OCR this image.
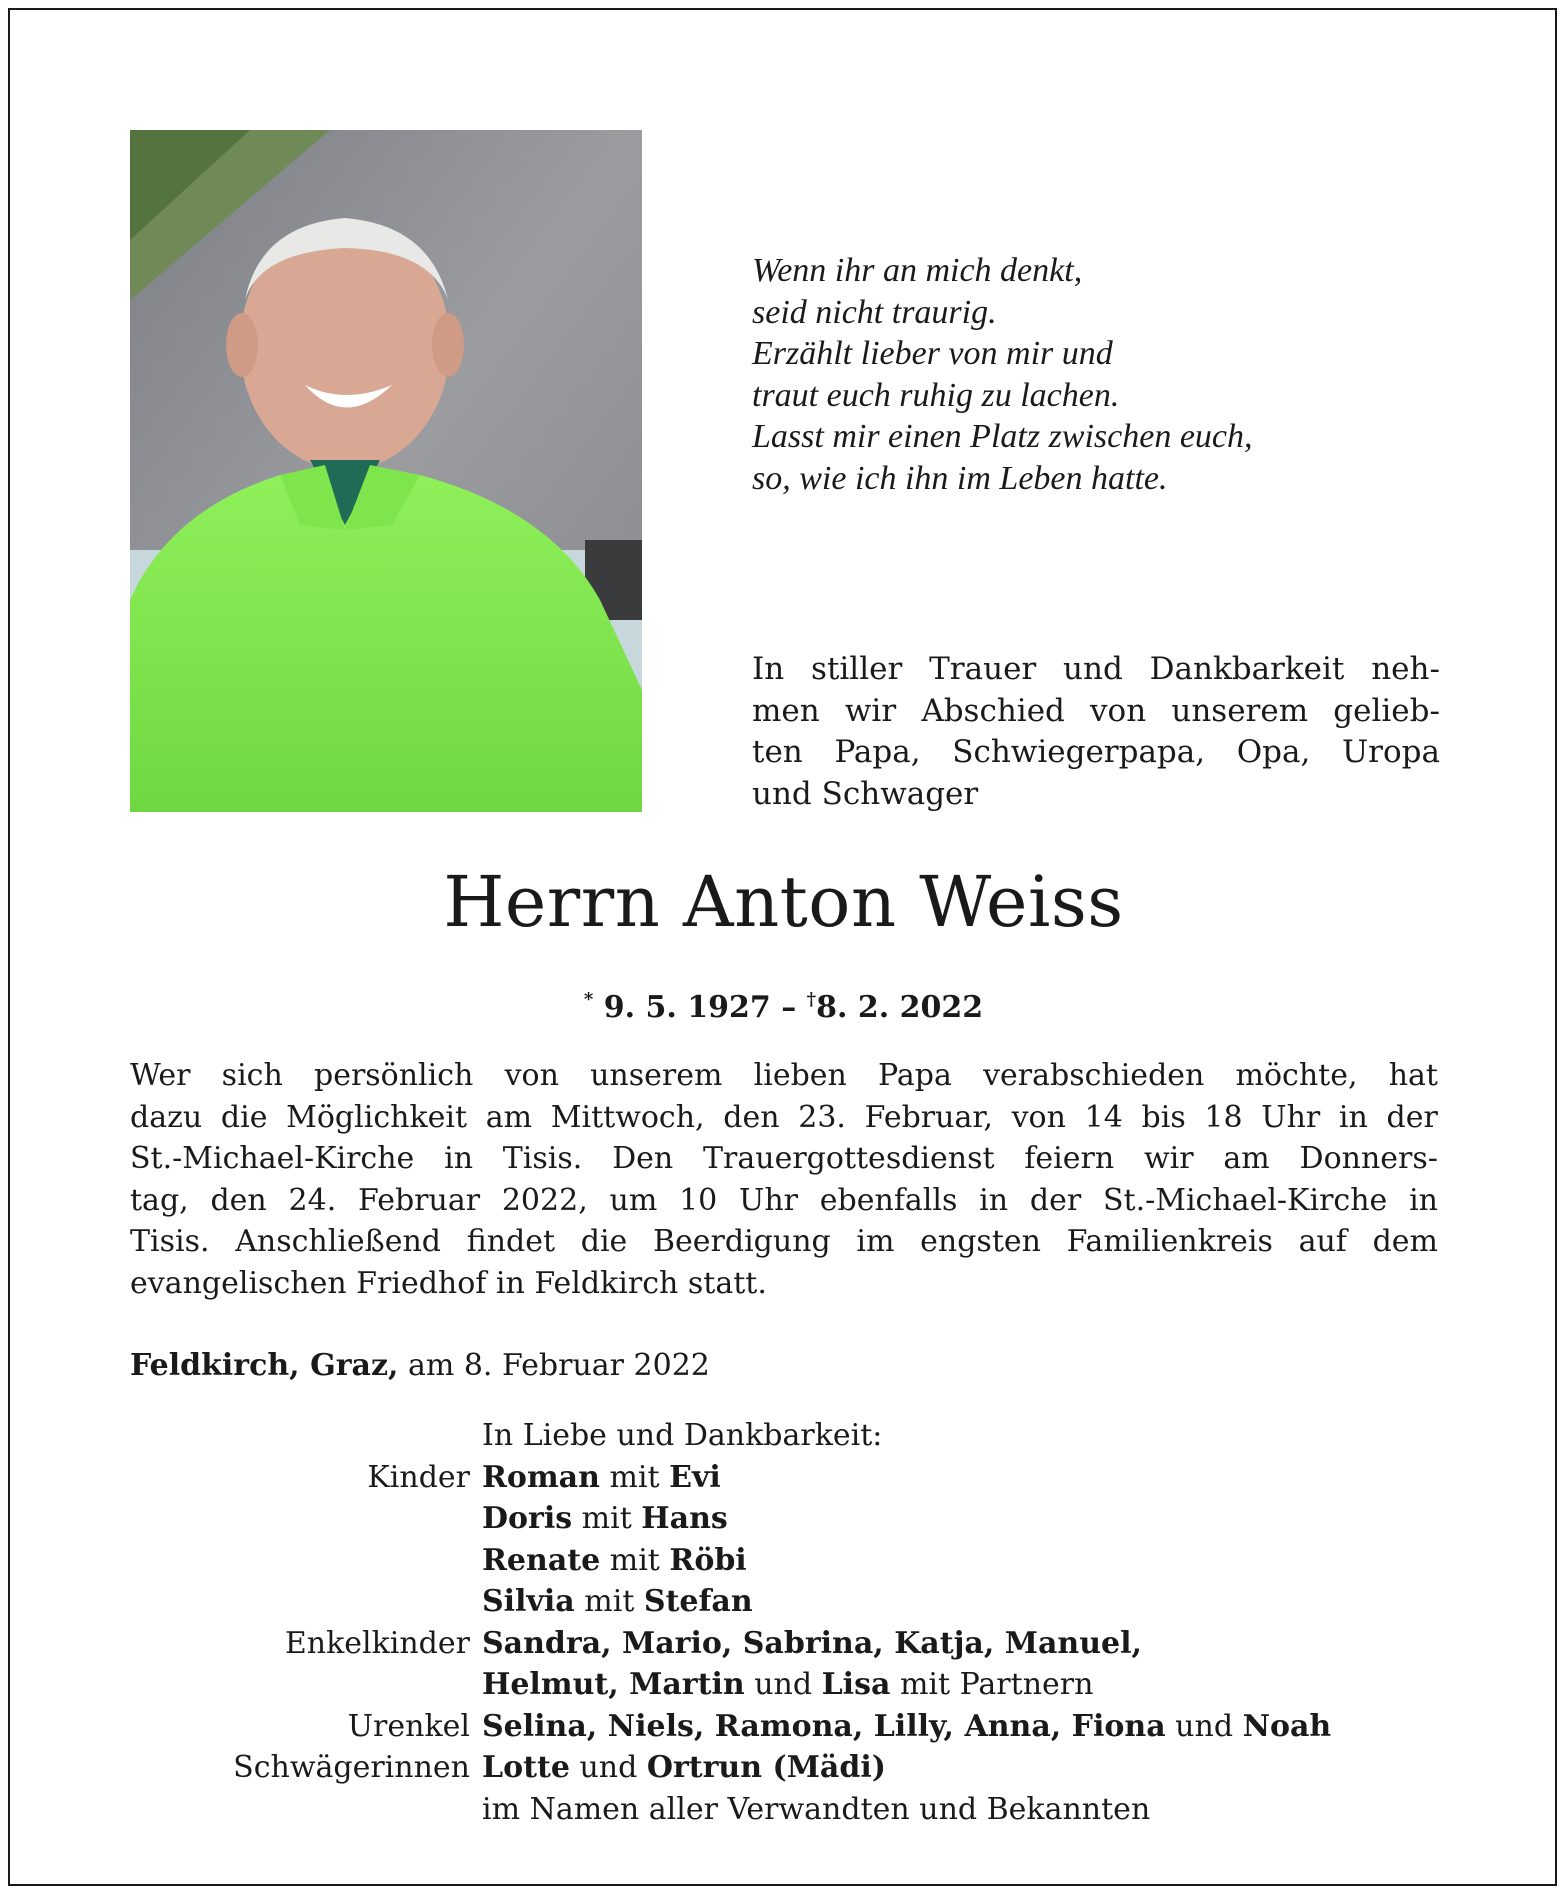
Wenn ihr an mich denkt,
seid nicht traurig.
Erzählt lieber von mir und
traut euch ruhig zu lachen.
Lasst mir einen Platz zwischen euch,
so, wie ich ihn im Leben hatte.
In stiller Trauer und Dankbarkeit neh-
men wir Abschied von unserem gelieb-
ten Papa, Schwiegerpapa, Opa, Uropa
und Schwager
Herrn Anton Weiss
* 9. 5. 1927 – †8. 2. 2022
Wer sich persönlich von unserem lieben Papa verabschieden möchte, hat
dazu die Möglichkeit am Mittwoch, den 23. Februar, von 14 bis 18 Uhr in der
St.-Michael-Kirche in Tisis. Den Trauergottesdienst feiern wir am Donners-
tag, den 24. Februar 2022, um 10 Uhr ebenfalls in der St.-Michael-Kirche in
Tisis. Anschließend findet die Beerdigung im engsten Familienkreis auf dem
evangelischen Friedhof in Feldkirch statt.
Feldkirch, Graz, am 8. Februar 2022
In Liebe und Dankbarkeit:
Kinder Roman mit Evi
Doris mit Hans
Renate mit Röbi
Silvia mit Stefan
Enkelkinder Sandra, Mario, Sabrina, Katja, Manuel,
Helmut, Martin und Lisa mit Partnern
Urenkel Selina, Niels, Ramona, Lilly, Anna, Fiona und Noah
Schwägerinnen Lotte und Ortrun (Mädi)
im Namen aller Verwandten und Bekannten
